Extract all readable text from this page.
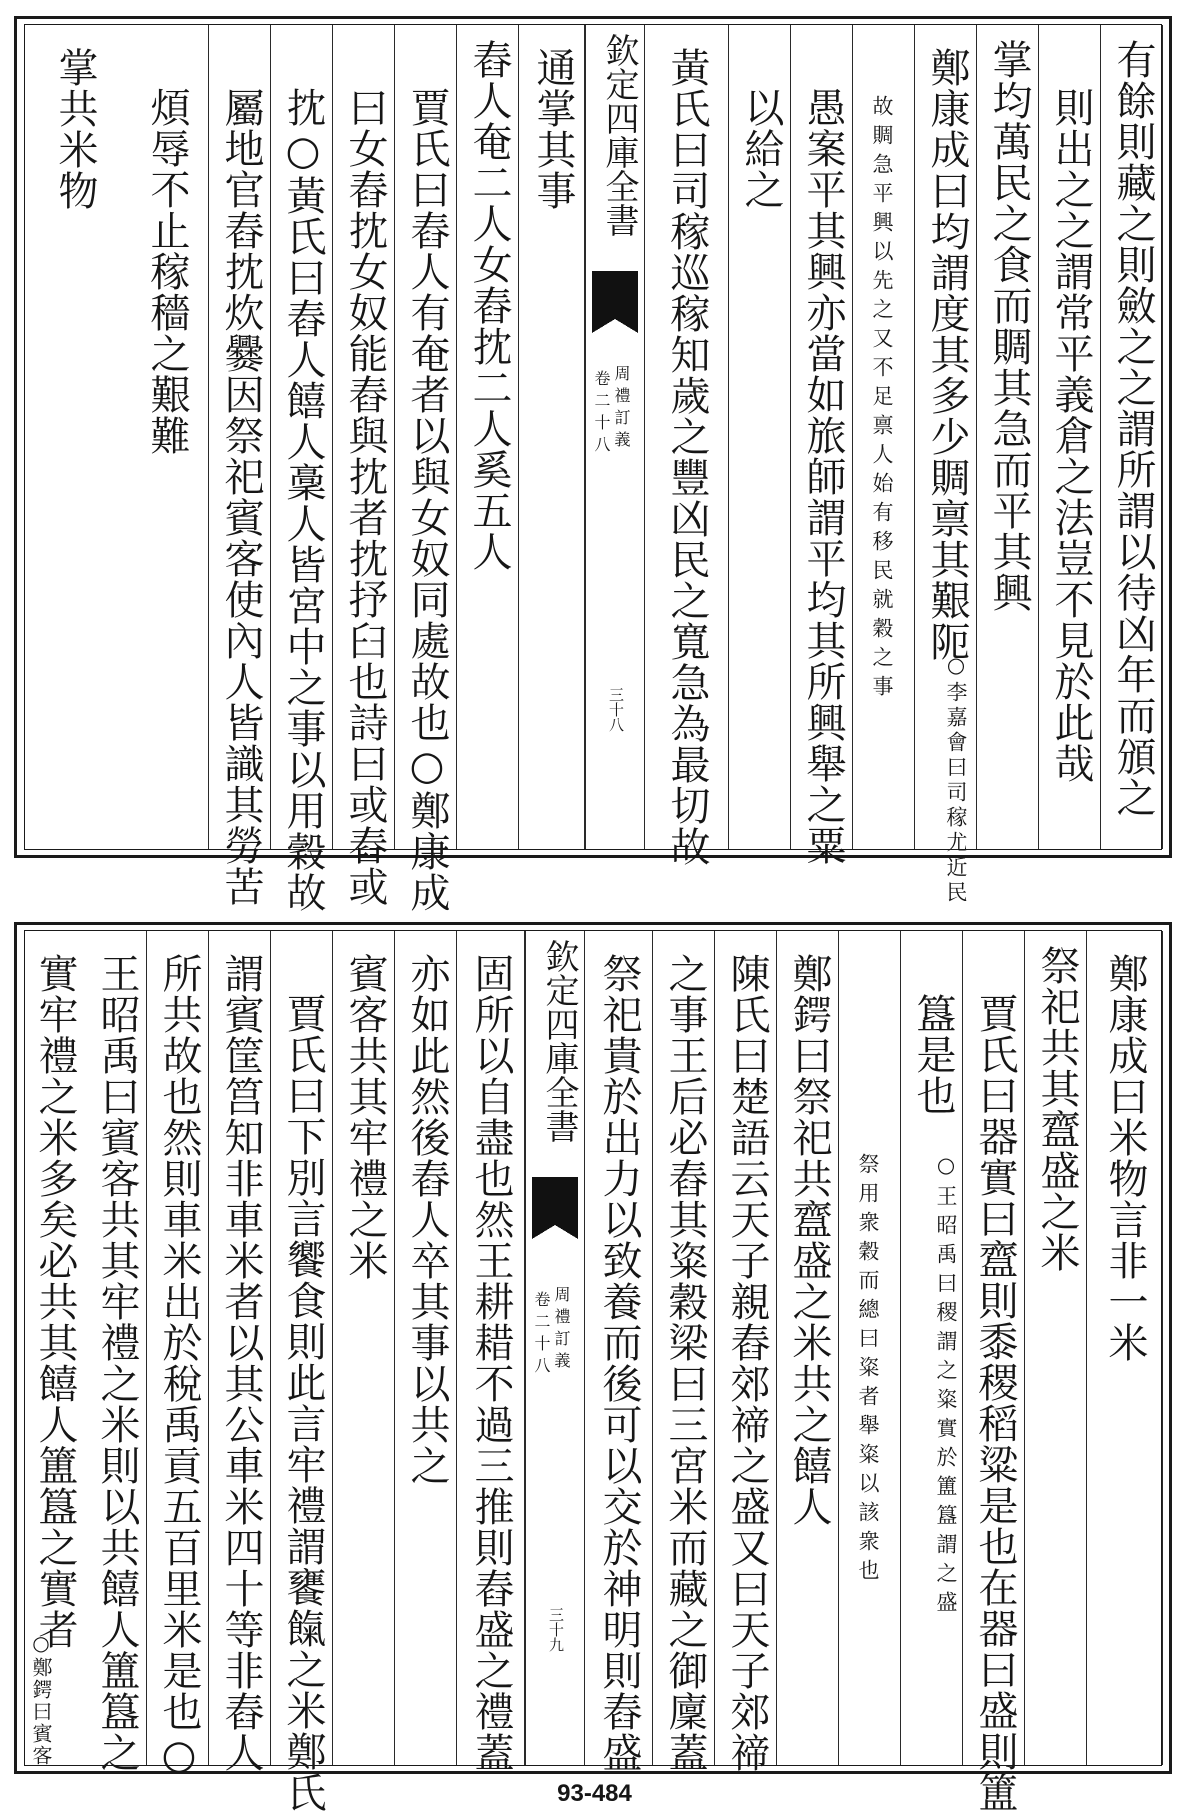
有餘則藏之則斂之之謂所謂以待凶年而頒之
則出之之謂常平義倉之法豈不見於此哉
掌均萬民之食而賙其急而平其興
鄭康成曰均謂度其多少賙禀其艱阨
○李嘉會曰司稼尤近民
故賙急平興以先之又不足禀人始有移民就穀之事
愚案平其興亦當如旅師謂平均其所興舉之粟
以給之
黃氏曰司稼巡稼知歲之豐凶民之寬急為最切故
欽定四庫全書
周禮訂義
卷二十八
三十八
通掌其事
舂人奄二人女舂抌二人奚五人
賈氏曰舂人有奄者以與女奴同處故也○鄭康成
曰女舂抌女奴能舂與抌者抌抒臼也詩曰或舂或
抌○黃氏曰舂人饎人稾人皆宮中之事以用穀故
屬地官舂抌炊爨因祭祀賓客使內人皆識其勞苦
煩辱不止稼穡之艱難
掌共米物
鄭康成曰米物言非一米
祭祀共其齍盛之米
賈氏曰器實曰齍則黍稷稻粱是也在器曰盛則簠
簋是也
○王昭禹曰稷謂之粢實於簠簋謂之盛
祭用衆穀而總曰粢者舉粢以該衆也
鄭鍔曰祭祀共齍盛之米共之饎人
陳氏曰楚語云天子親舂郊禘之盛又曰天子郊禘
之事王后必舂其粢穀梁曰三宮米而藏之御廩蓋
祭祀貴於出力以致養而後可以交於神明則舂盛
欽定四庫全書
周禮訂義
卷二十八
三十九
固所以自盡也然王耕耤不過三推則舂盛之禮蓋
亦如此然後舂人卒其事以共之
賓客共其牢禮之米
賈氏曰下別言饗食則此言牢禮謂饔餼之米鄭氏
謂賓筐筥知非車米者以其公車米四十等非舂人
所共故也然則車米出於稅禹貢五百里米是也○
王昭禹曰賓客共其牢禮之米則以共饎人簠簋之
實牢禮之米多矣必共其饎人簠簋之實者
○鄭鍔曰賓客
93-484
